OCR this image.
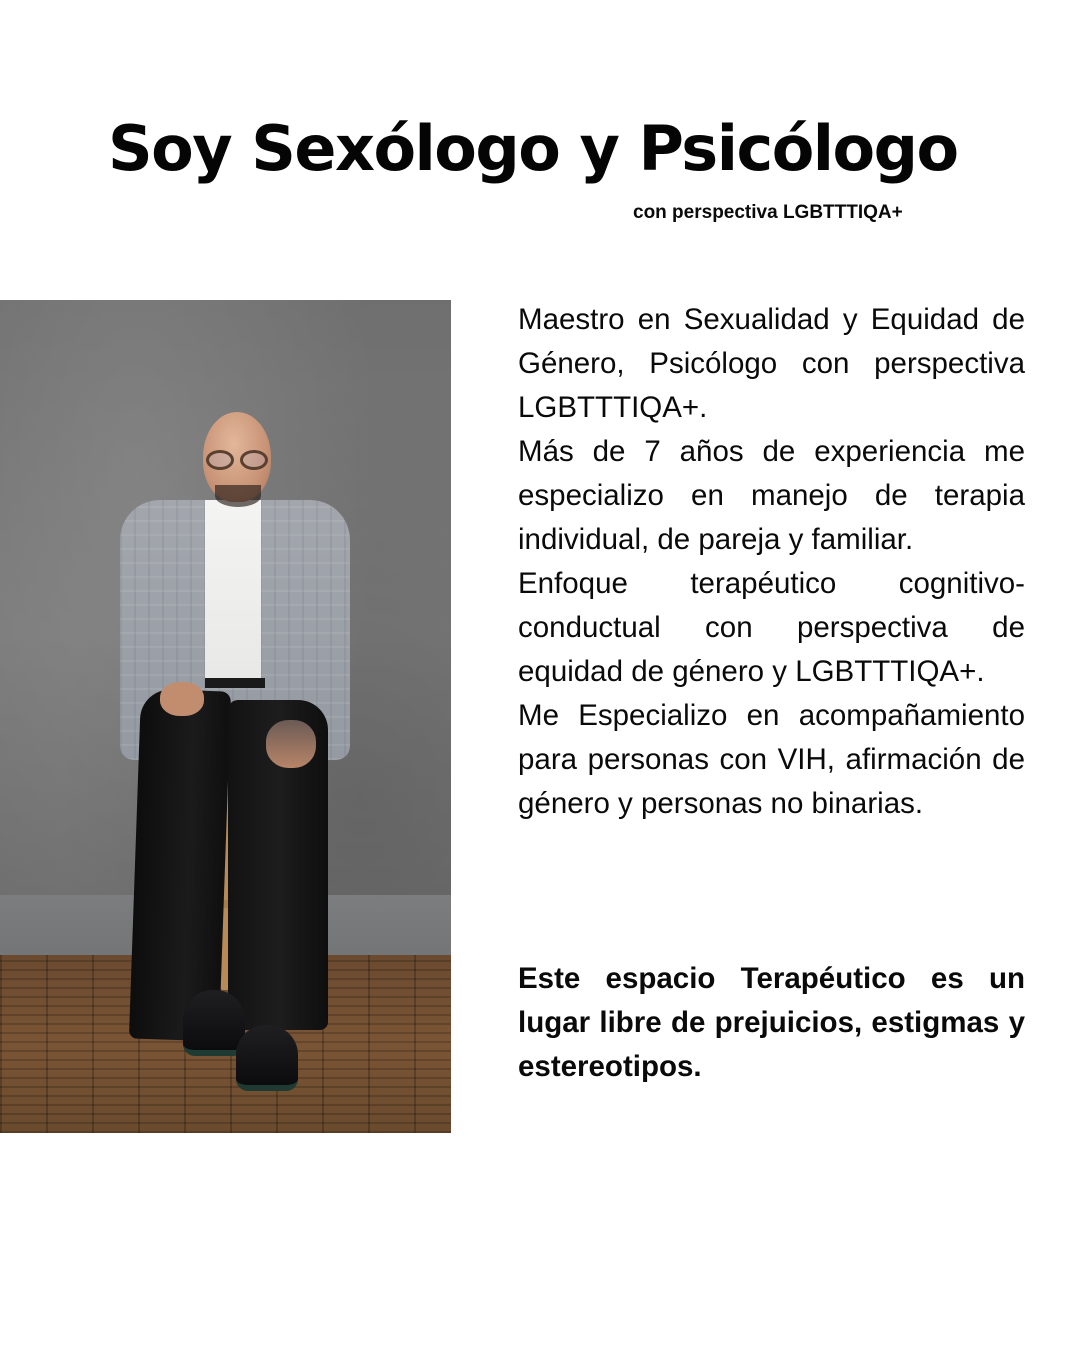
Soy Sexólogo y Psicólogo

con perspectiva LGBTTTIQA+

Maestro en Sexualidad y Equidad de Género, Psicólogo con perspectiva LGBTTTIQA+.

Más de 7 años de experiencia me especializo en manejo de terapia individual, de pareja y familiar.

Enfoque terapéutico cognitivo-conductual con perspectiva de equidad de género y LGBTTTIQA+.

Me Especializo en acompañamiento para personas con VIH, afirmación de género y personas no binarias.

Este espacio Terapéutico es un lugar libre de prejuicios, estigmas y estereotipos.
